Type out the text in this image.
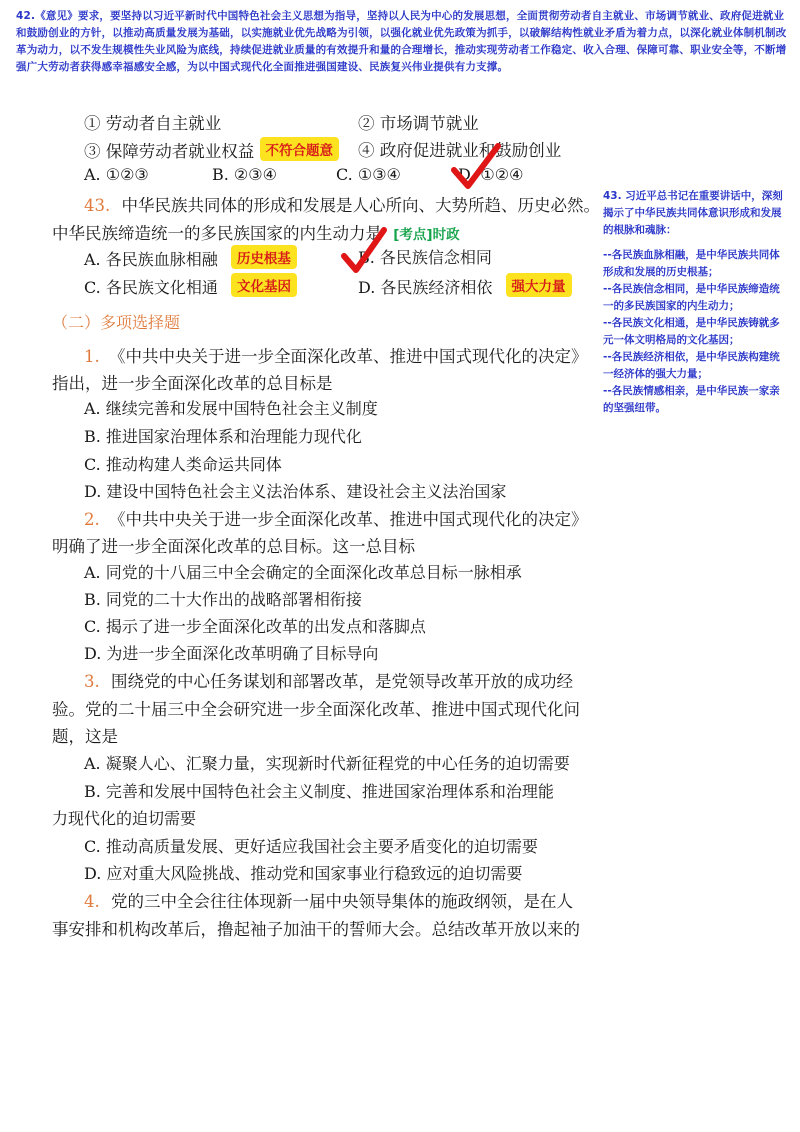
42.《意见》要求，要坚持以习近平新时代中国特色社会主义思想为指导，坚持以人民为中心的发展思想，全面贯彻劳动者自主就业、市场调节就业、政府促进就业和鼓励创业的方针，以推动高质量发展为基础，以实施就业优先战略为引领，以强化就业优先政策为抓手，以破解结构性就业矛盾为着力点，以深化就业体制机制改革为动力，以不发生规模性失业风险为底线，持续促进就业质量的有效提升和量的合理增长，推动实现劳动者工作稳定、收入合理、保障可靠、职业安全等，不断增强广大劳动者获得感幸福感安全感，为以中国式现代化全面推进强国建设、民族复兴伟业提供有力支撑。
① 劳动者自主就业	② 市场调节就业
③ 保障劳动者就业权益 不符合题意	④ 政府促进就业和鼓励创业
A. ①②③	B. ②③④	C. ①③④	D. ①②④
43. 中华民族共同体的形成和发展是人心所向、大势所趋、历史必然。
中华民族缔造统一的多民族国家的内生动力是 [考点]时政
A. 各民族血脉相融 历史根基	B. 各民族信念相同
C. 各民族文化相通 文化基因	D. 各民族经济相依 强大力量
（二）多项选择题
1. 《中共中央关于进一步全面深化改革、推进中国式现代化的决定》
指出，进一步全面深化改革的总目标是
A. 继续完善和发展中国特色社会主义制度
B. 推进国家治理体系和治理能力现代化
C. 推动构建人类命运共同体
D. 建设中国特色社会主义法治体系、建设社会主义法治国家
2. 《中共中央关于进一步全面深化改革、推进中国式现代化的决定》
明确了进一步全面深化改革的总目标。这一总目标
A. 同党的十八届三中全会确定的全面深化改革总目标一脉相承
B. 同党的二十大作出的战略部署相衔接
C. 揭示了进一步全面深化改革的出发点和落脚点
D. 为进一步全面深化改革明确了目标导向
3. 围绕党的中心任务谋划和部署改革，是党领导改革开放的成功经
验。党的二十届三中全会研究进一步全面深化改革、推进中国式现代化问
题，这是
A. 凝聚人心、汇聚力量，实现新时代新征程党的中心任务的迫切需要
B. 完善和发展中国特色社会主义制度、推进国家治理体系和治理能
力现代化的迫切需要
C. 推动高质量发展、更好适应我国社会主要矛盾变化的迫切需要
D. 应对重大风险挑战、推动党和国家事业行稳致远的迫切需要
4. 党的三中全会往往体现新一届中央领导集体的施政纲领，是在人
事安排和机构改革后，撸起袖子加油干的誓师大会。总结改革开放以来的

43. 习近平总书记在重要讲话中，深刻揭示了中华民族共同体意识形成和发展的根脉和魂脉：

--各民族血脉相融，是中华民族共同体形成和发展的历史根基；

--各民族信念相同，是中华民族缔造统一的多民族国家的内生动力；

--各民族文化相通，是中华民族铸就多元一体文明格局的文化基因；

--各民族经济相依，是中华民族构建统一经济体的强大力量；

--各民族情感相亲，是中华民族一家亲的坚强纽带。
